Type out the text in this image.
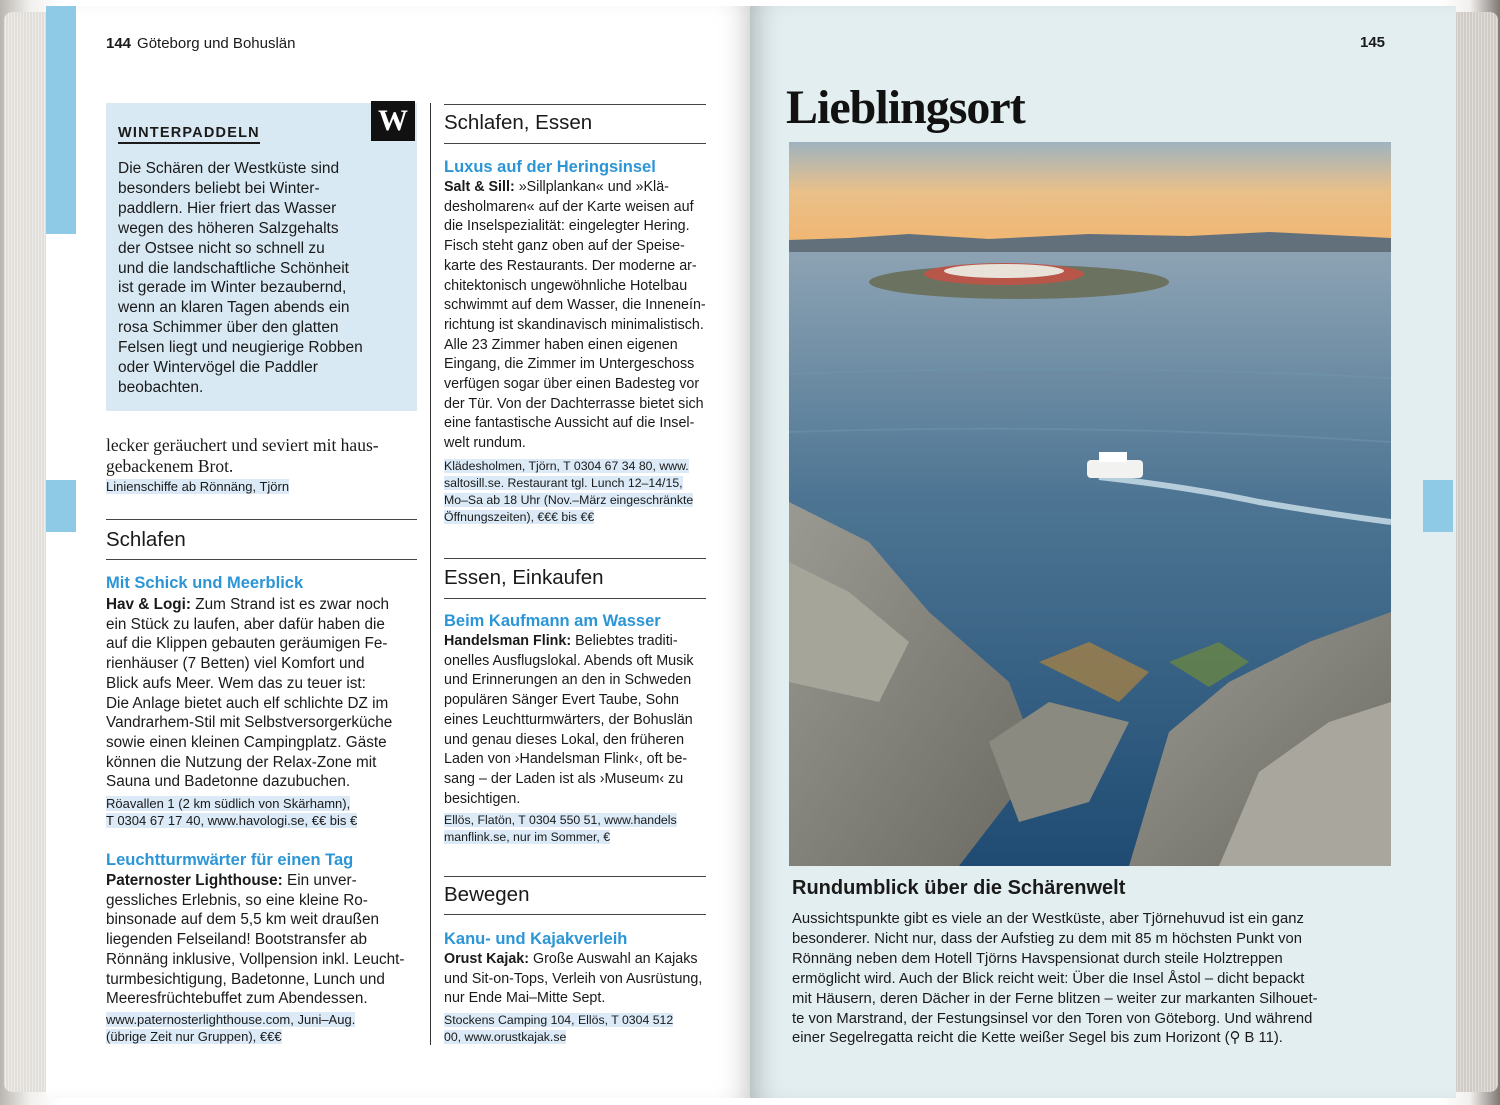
144 Göteborg und Bohuslän
W
WINTERPADDELN
Die Schären der Westküste sind
besonders beliebt bei Winter-
paddlern. Hier friert das Wasser
wegen des höheren Salzgehalts
der Ostsee nicht so schnell zu
und die landschaftliche Schönheit
ist gerade im Winter bezaubernd,
wenn an klaren Tagen abends ein
rosa Schimmer über den glatten
Felsen liegt und neugierige Robben
oder Wintervögel die Paddler
beobachten.
lecker geräuchert und seviert mit haus-
gebackenem Brot.
Linienschiffe ab Rönnäng, Tjörn
Schlafen
Mit Schick und Meerblick
Hav & Logi: Zum Strand ist es zwar noch
ein Stück zu laufen, aber dafür haben die
auf die Klippen gebauten geräumigen Fe-
rienhäuser (7 Betten) viel Komfort und
Blick aufs Meer. Wem das zu teuer ist:
Die Anlage bietet auch elf schlichte DZ im
Vandrarhem-Stil mit Selbstversorgerküche
sowie einen kleinen Campingplatz. Gäste
können die Nutzung der Relax-Zone mit
Sauna und Badetonne dazubuchen.
Röavallen 1 (2 km südlich von Skärhamn),
T 0304 67 17 40, www.havologi.se, €€ bis €
Leuchtturmwärter für einen Tag
Paternoster Lighthouse: Ein unver-
gessliches Erlebnis, so eine kleine Ro-
binsonade auf dem 5,5 km weit draußen
liegenden Felseiland! Bootstransfer ab
Rönnäng inklusive, Vollpension inkl. Leucht-
turmbesichtigung, Badetonne, Lunch und
Meeresfrüchtebuffet zum Abendessen.
www.paternosterlighthouse.com, Juni–Aug.
(übrige Zeit nur Gruppen), €€€
Schlafen, Essen
Luxus auf der Heringsinsel
Salt & Sill: »Sillplankan« und »Klä-
desholmaren« auf der Karte weisen auf
die Inselspezialität: eingelegter Hering.
Fisch steht ganz oben auf der Speise-
karte des Restaurants. Der moderne ar-
chitektonisch ungewöhnliche Hotelbau
schwimmt auf dem Wasser, die Inneneín-
richtung ist skandinavisch minimalistisch.
Alle 23 Zimmer haben einen eigenen
Eingang, die Zimmer im Untergeschoss
verfügen sogar über einen Badesteg vor
der Tür. Von der Dachterrasse bietet sich
eine fantastische Aussicht auf die Insel-
welt rundum.
Klädesholmen, Tjörn, T 0304 67 34 80, www.
saltosill.se. Restaurant tgl. Lunch 12–14/15,
Mo–Sa ab 18 Uhr (Nov.–März eingeschränkte
Öffnungszeiten), €€€ bis €€
Essen, Einkaufen
Beim Kaufmann am Wasser
Handelsman Flink: Beliebtes traditi-
onelles Ausflugslokal. Abends oft Musik
und Erinnerungen an den in Schweden
populären Sänger Evert Taube, Sohn
eines Leuchtturmwärters, der Bohuslän
und genau dieses Lokal, den früheren
Laden von ›Handelsman Flink‹, oft be-
sang – der Laden ist als ›Museum‹ zu
besichtigen.
Ellös, Flatön, T 0304 550 51, www.handels
manflink.se, nur im Sommer, €
Bewegen
Kanu- und Kajakverleih
Orust Kajak: Große Auswahl an Kajaks
und Sit-on-Tops, Verleih von Ausrüstung,
nur Ende Mai–Mitte Sept.
Stockens Camping 104, Ellös, T 0304 512
00, www.orustkajak.se
145
Lieblingsort
Rundumblick über die Schärenwelt
Aussichtspunkte gibt es viele an der Westküste, aber Tjörnehuvud ist ein ganz
besonderer. Nicht nur, dass der Aufstieg zu dem mit 85 m höchsten Punkt von
Rönnäng neben dem Hotell Tjörns Havspensionat durch steile Holztreppen
ermöglicht wird. Auch der Blick reicht weit: Über die Insel Åstol – dicht bepackt
mit Häusern, deren Dächer in der Ferne blitzen – weiter zur markanten Silhouet-
te von Marstrand, der Festungsinsel vor den Toren von Göteborg. Und während
einer Segelregatta reicht die Kette weißer Segel bis zum Horizont (⚲ B 11).
